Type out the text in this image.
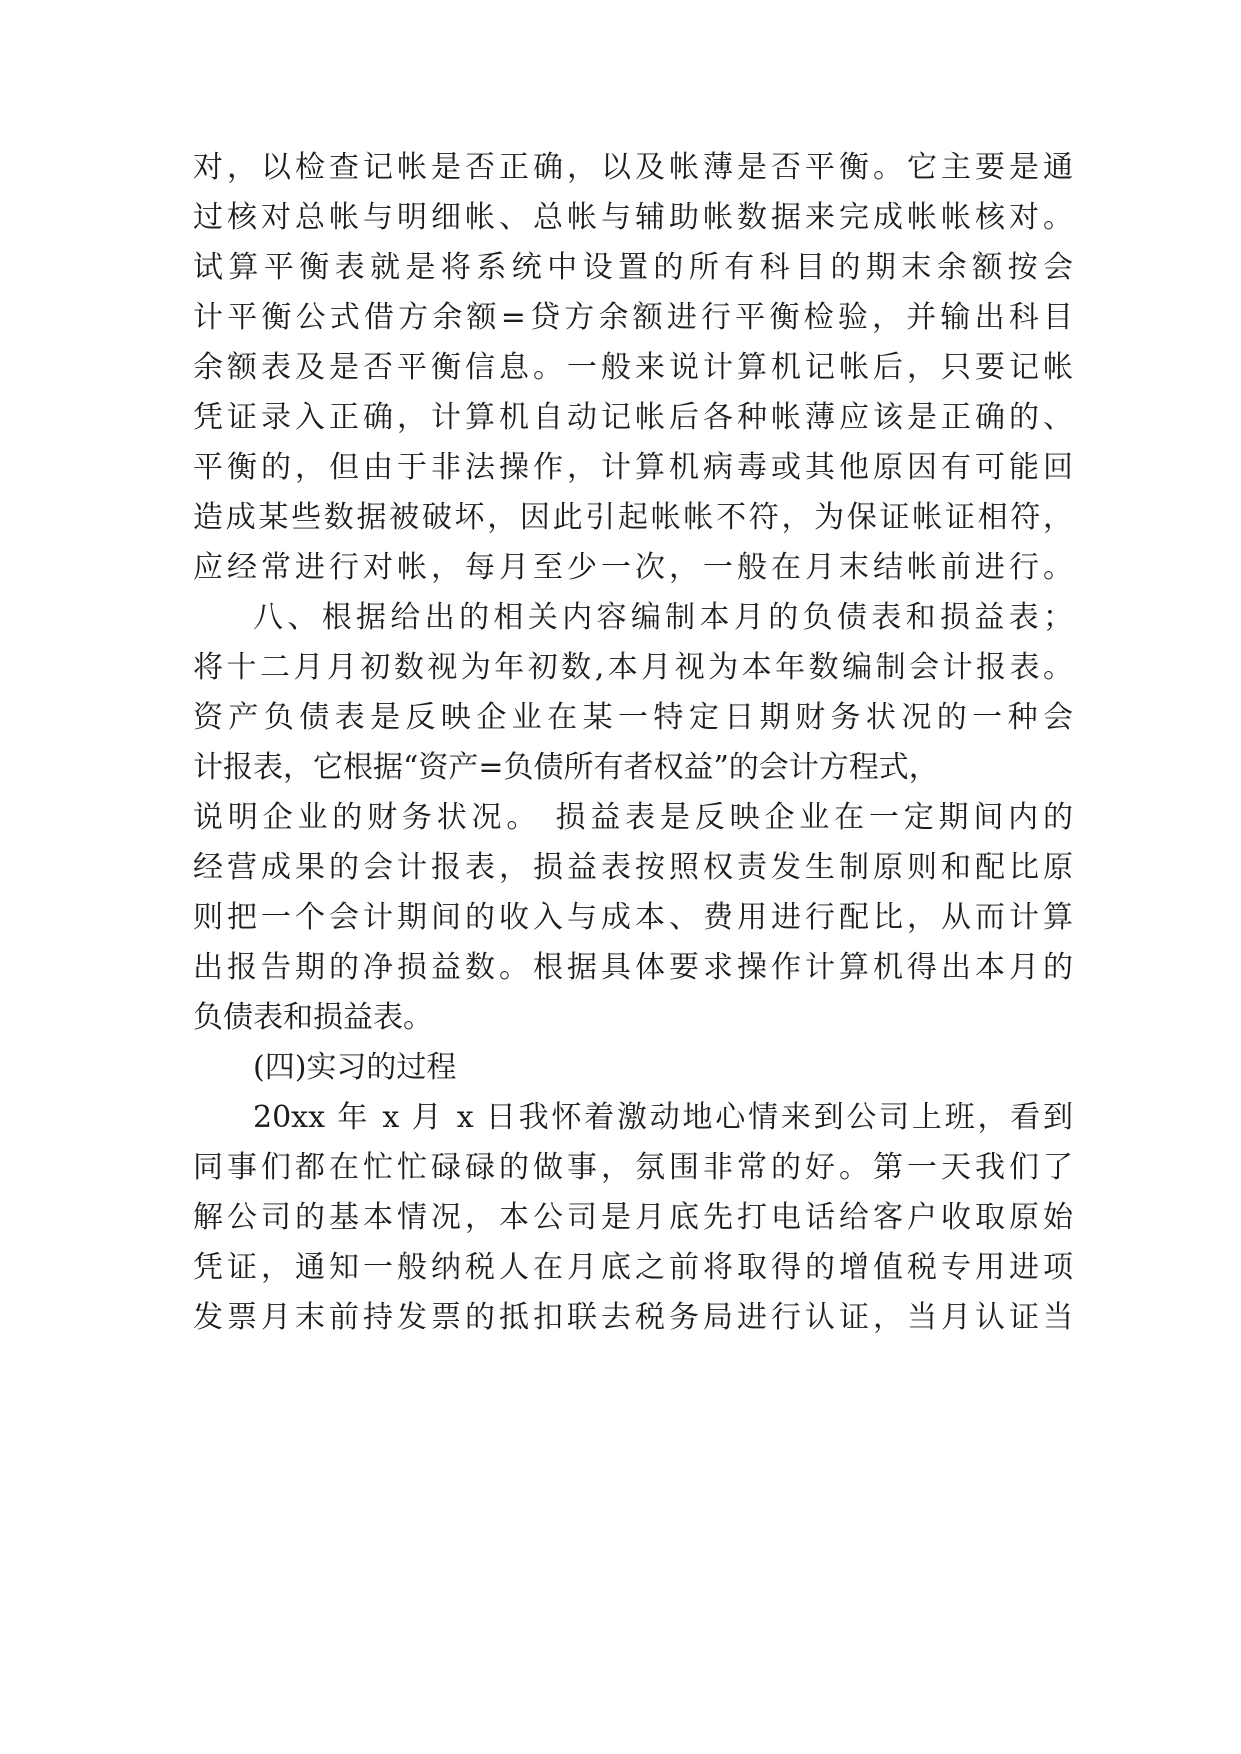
对，以检查记帐是否正确，以及帐薄是否平衡。它主要是通
过核对总帐与明细帐、总帐与辅助帐数据来完成帐帐核对。
试算平衡表就是将系统中设置的所有科目的期末余额按会
计平衡公式借方余额=贷方余额进行平衡检验，并输出科目
余额表及是否平衡信息。一般来说计算机记帐后，只要记帐
凭证录入正确，计算机自动记帐后各种帐薄应该是正确的、
平衡的，但由于非法操作，计算机病毒或其他原因有可能回
造成某些数据被破坏，因此引起帐帐不符，为保证帐证相符，
应经常进行对帐，每月至少一次，一般在月末结帐前进行。
八、根据给出的相关内容编制本月的负债表和损益表；
将十二月月初数视为年初数,本月视为本年数编制会计报表。
资产负债表是反映企业在某一特定日期财务状况的一种会
计报表，它根据“资产=负债所有者权益”的会计方程式，
说明企业的财务状况。 损益表是反映企业在一定期间内的
经营成果的会计报表，损益表按照权责发生制原则和配比原
则把一个会计期间的收入与成本、费用进行配比，从而计算
出报告期的净损益数。根据具体要求操作计算机得出本月的
负债表和损益表。
(四)实习的过程
20xx 年 x 月 x 日我怀着激动地心情来到公司上班，看到
同事们都在忙忙碌碌的做事，氛围非常的好。第一天我们了
解公司的基本情况，本公司是月底先打电话给客户收取原始
凭证，通知一般纳税人在月底之前将取得的增值税专用进项
发票月末前持发票的抵扣联去税务局进行认证，当月认证当
